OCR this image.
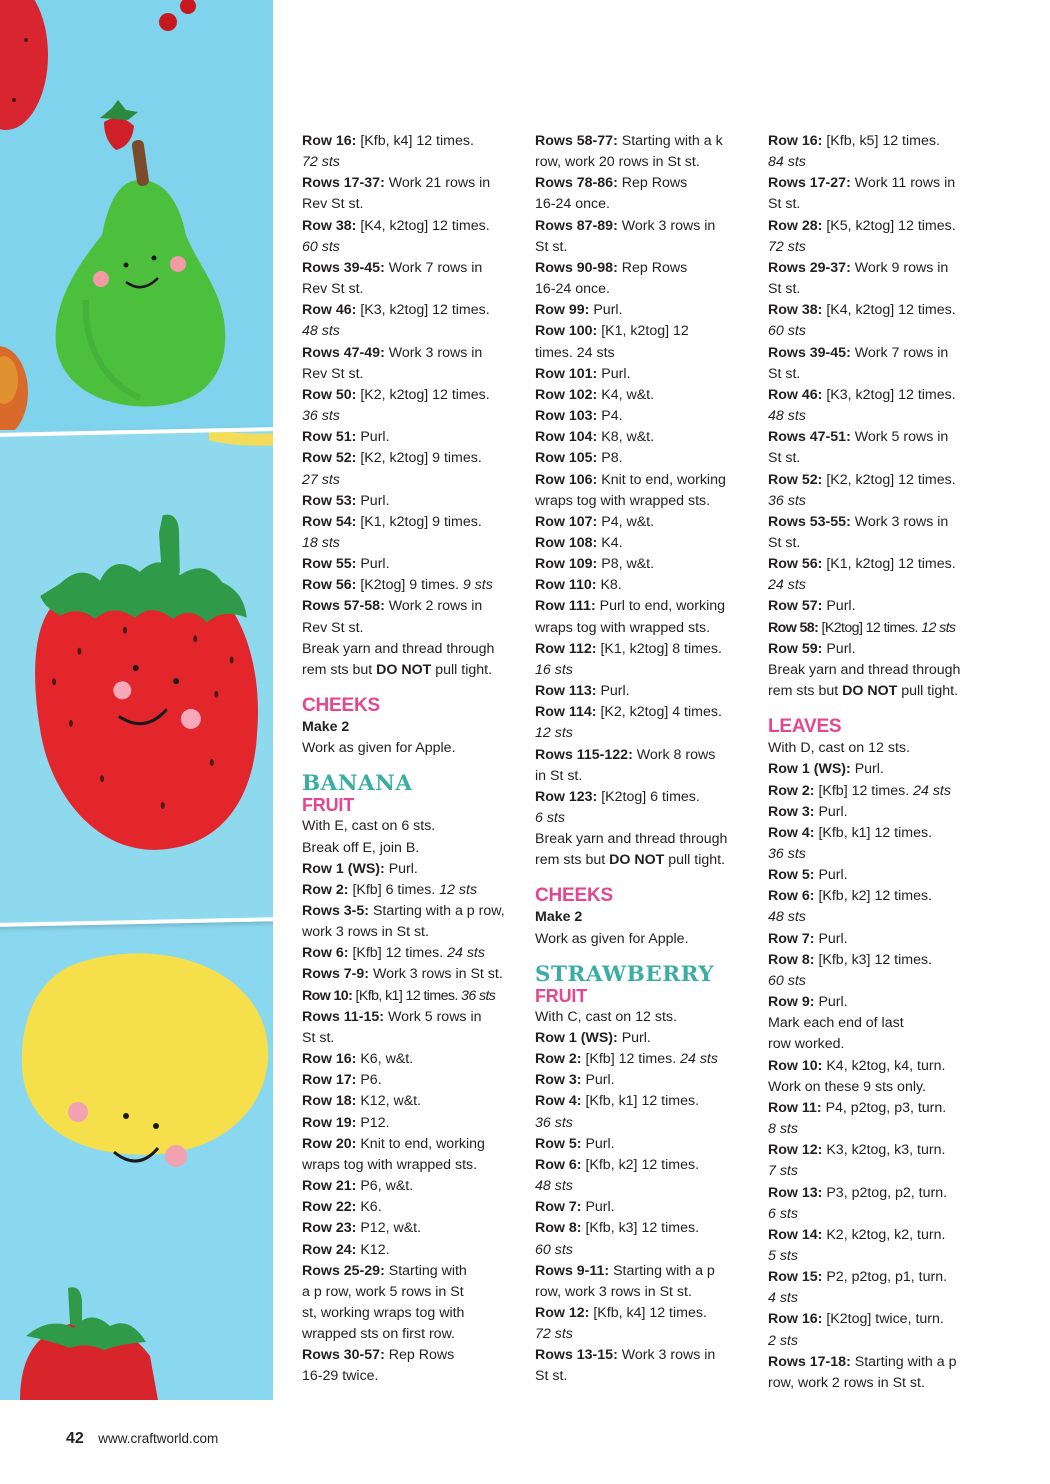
Row 16: [Kfb, k4] 12 times.
72 sts
Rows 17-37: Work 21 rows in
Rev St st.
Row 38: [K4, k2tog] 12 times.
60 sts
Rows 39-45: Work 7 rows in
Rev St st.
Row 46: [K3, k2tog] 12 times.
48 sts
Rows 47-49: Work 3 rows in
Rev St st.
Row 50: [K2, k2tog] 12 times.
36 sts
Row 51: Purl.
Row 52: [K2, k2tog] 9 times.
27 sts
Row 53: Purl.
Row 54: [K1, k2tog] 9 times.
18 sts
Row 55: Purl.
Row 56: [K2tog] 9 times. 9 sts
Rows 57-58: Work 2 rows in
Rev St st.
Break yarn and thread through
rem sts but DO NOT pull tight.
CHEEKS
Make 2
Work as given for Apple.
BANANA
FRUIT
With E, cast on 6 sts.
Break off E, join B.
Row 1 (WS): Purl.
Row 2: [Kfb] 6 times. 12 sts
Rows 3-5: Starting with a p row,
work 3 rows in St st.
Row 6: [Kfb] 12 times. 24 sts
Rows 7-9: Work 3 rows in St st.
Row 10: [Kfb, k1] 12 times. 36 sts
Rows 11-15: Work 5 rows in
St st.
Row 16: K6, w&t.
Row 17: P6.
Row 18: K12, w&t.
Row 19: P12.
Row 20: Knit to end, working
wraps tog with wrapped sts.
Row 21: P6, w&t.
Row 22: K6.
Row 23: P12, w&t.
Row 24: K12.
Rows 25-29: Starting with
a p row, work 5 rows in St
st, working wraps tog with
wrapped sts on first row.
Rows 30-57: Rep Rows
16-29 twice.
Rows 58-77: Starting with a k
row, work 20 rows in St st.
Rows 78-86: Rep Rows
16-24 once.
Rows 87-89: Work 3 rows in
St st.
Rows 90-98: Rep Rows
16-24 once.
Row 99: Purl.
Row 100: [K1, k2tog] 12
times. 24 sts
Row 101: Purl.
Row 102: K4, w&t.
Row 103: P4.
Row 104: K8, w&t.
Row 105: P8.
Row 106: Knit to end, working
wraps tog with wrapped sts.
Row 107: P4, w&t.
Row 108: K4.
Row 109: P8, w&t.
Row 110: K8.
Row 111: Purl to end, working
wraps tog with wrapped sts.
Row 112: [K1, k2tog] 8 times.
16 sts
Row 113: Purl.
Row 114: [K2, k2tog] 4 times.
12 sts
Rows 115-122: Work 8 rows
in St st.
Row 123: [K2tog] 6 times.
6 sts
Break yarn and thread through
rem sts but DO NOT pull tight.
CHEEKS
Make 2
Work as given for Apple.
STRAWBERRY
FRUIT
With C, cast on 12 sts.
Row 1 (WS): Purl.
Row 2: [Kfb] 12 times. 24 sts
Row 3: Purl.
Row 4: [Kfb, k1] 12 times.
36 sts
Row 5: Purl.
Row 6: [Kfb, k2] 12 times.
48 sts
Row 7: Purl.
Row 8: [Kfb, k3] 12 times.
60 sts
Rows 9-11: Starting with a p
row, work 3 rows in St st.
Row 12: [Kfb, k4] 12 times.
72 sts
Rows 13-15: Work 3 rows in
St st.
Row 16: [Kfb, k5] 12 times.
84 sts
Rows 17-27: Work 11 rows in
St st.
Row 28: [K5, k2tog] 12 times.
72 sts
Rows 29-37: Work 9 rows in
St st.
Row 38: [K4, k2tog] 12 times.
60 sts
Rows 39-45: Work 7 rows in
St st.
Row 46: [K3, k2tog] 12 times.
48 sts
Rows 47-51: Work 5 rows in
St st.
Row 52: [K2, k2tog] 12 times.
36 sts
Rows 53-55: Work 3 rows in
St st.
Row 56: [K1, k2tog] 12 times.
24 sts
Row 57: Purl.
Row 58: [K2tog] 12 times. 12 sts
Row 59: Purl.
Break yarn and thread through
rem sts but DO NOT pull tight.
LEAVES
With D, cast on 12 sts.
Row 1 (WS): Purl.
Row 2: [Kfb] 12 times. 24 sts
Row 3: Purl.
Row 4: [Kfb, k1] 12 times.
36 sts
Row 5: Purl.
Row 6: [Kfb, k2] 12 times.
48 sts
Row 7: Purl.
Row 8: [Kfb, k3] 12 times.
60 sts
Row 9: Purl.
Mark each end of last
row worked.
Row 10: K4, k2tog, k4, turn.
Work on these 9 sts only.
Row 11: P4, p2tog, p3, turn.
8 sts
Row 12: K3, k2tog, k3, turn.
7 sts
Row 13: P3, p2tog, p2, turn.
6 sts
Row 14: K2, k2tog, k2, turn.
5 sts
Row 15: P2, p2tog, p1, turn.
4 sts
Row 16: [K2tog] twice, turn.
2 sts
Rows 17-18: Starting with a p
row, work 2 rows in St st.
42 www.craftworld.com
